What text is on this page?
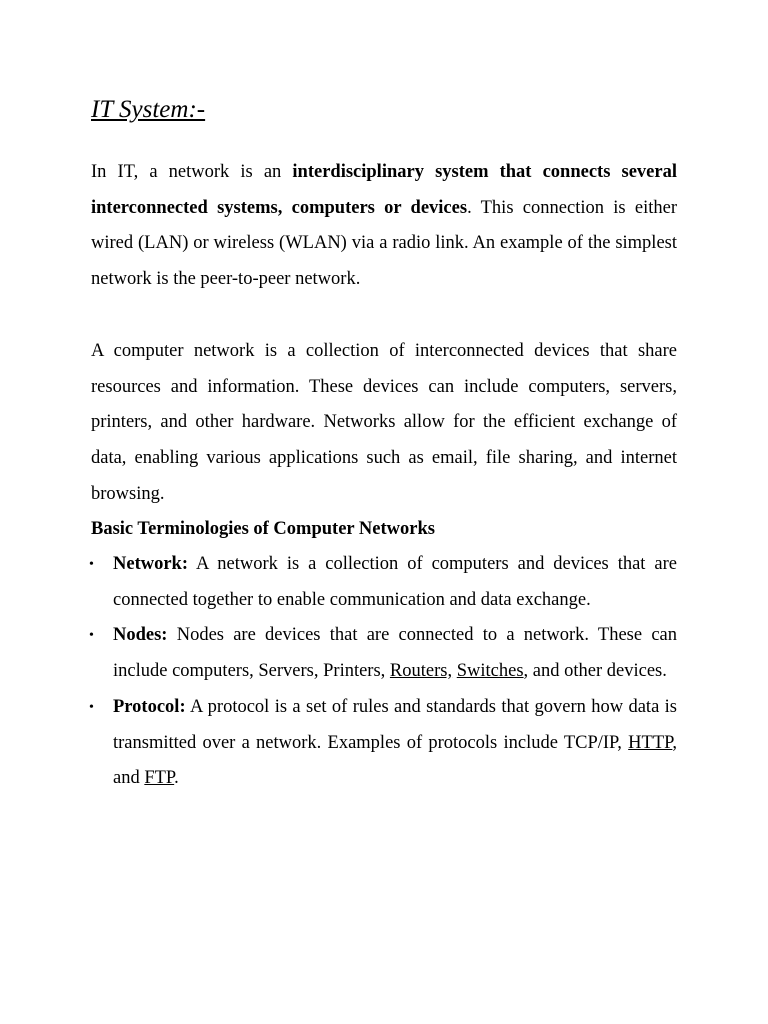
IT System:-

In IT, a network is an interdisciplinary system that connects several interconnected systems, computers or devices. This connection is either wired (LAN) or wireless (WLAN) via a radio link. An example of the simplest network is the peer-to-peer network.

A computer network is a collection of interconnected devices that share resources and information. These devices can include computers, servers, printers, and other hardware. Networks allow for the efficient exchange of data, enabling various applications such as email, file sharing, and internet browsing.

Basic Terminologies of Computer Networks
• Network: A network is a collection of computers and devices that are connected together to enable communication and data exchange.
• Nodes: Nodes are devices that are connected to a network. These can include computers, Servers, Printers, Routers, Switches, and other devices.
• Protocol: A protocol is a set of rules and standards that govern how data is transmitted over a network. Examples of protocols include TCP/IP, HTTP, and FTP.
